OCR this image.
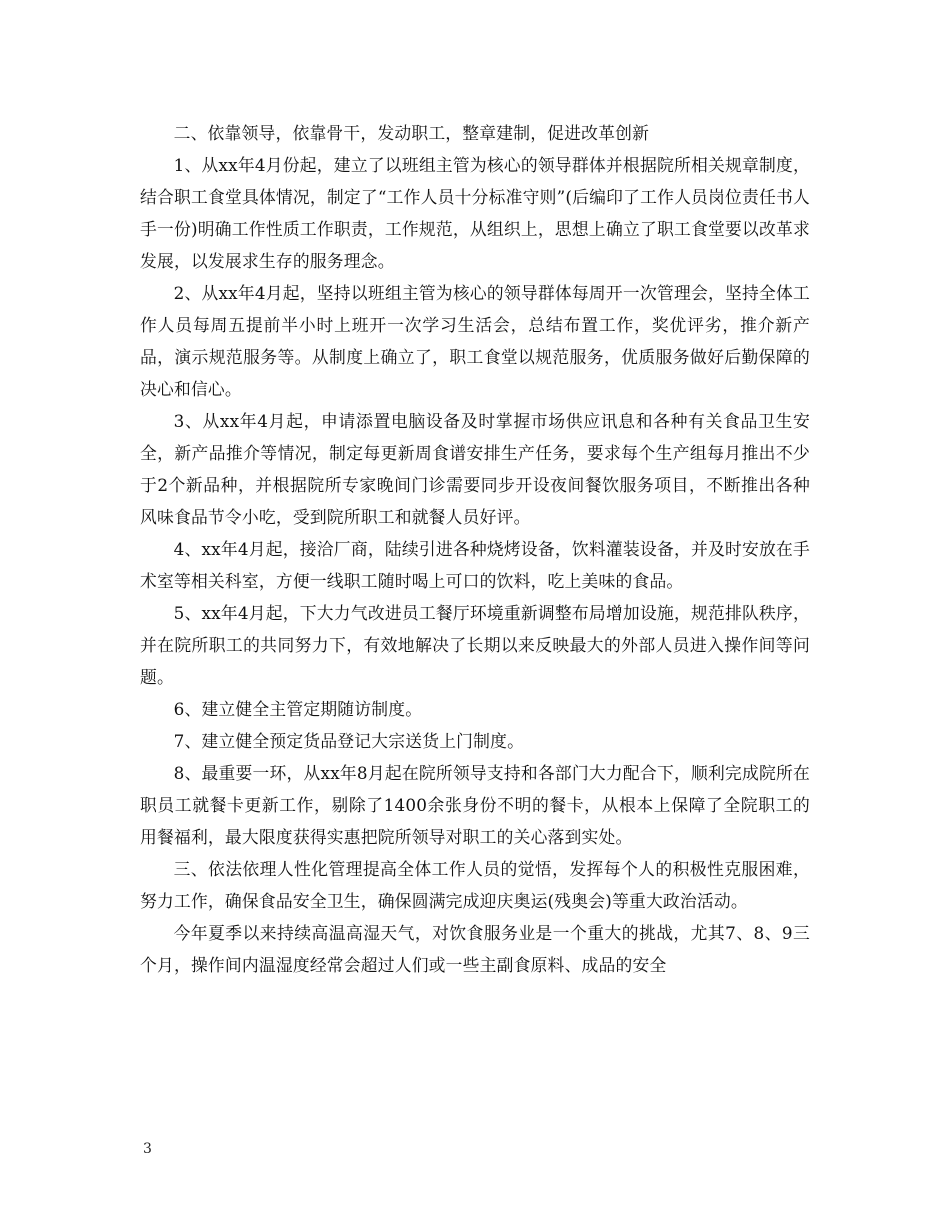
二、依靠领导，依靠骨干，发动职工，整章建制，促进改革创新

1、从xx年4月份起，建立了以班组主管为核心的领导群体并根据院所相关规章制度，结合职工食堂具体情况，制定了“工作人员十分标准守则”(后编印了工作人员岗位责任书人手一份)明确工作性质工作职责，工作规范，从组织上，思想上确立了职工食堂要以改革求发展，以发展求生存的服务理念。

2、从xx年4月起，坚持以班组主管为核心的领导群体每周开一次管理会，坚持全体工作人员每周五提前半小时上班开一次学习生活会，总结布置工作，奖优评劣，推介新产品，演示规范服务等。从制度上确立了，职工食堂以规范服务，优质服务做好后勤保障的决心和信心。

3、从xx年4月起，申请添置电脑设备及时掌握市场供应讯息和各种有关食品卫生安全，新产品推介等情况，制定每更新周食谱安排生产任务，要求每个生产组每月推出不少于2个新品种，并根据院所专家晚间门诊需要同步开设夜间餐饮服务项目，不断推出各种风味食品节令小吃，受到院所职工和就餐人员好评。

4、xx年4月起，接洽厂商，陆续引进各种烧烤设备，饮料灌装设备，并及时安放在手术室等相关科室，方便一线职工随时喝上可口的饮料，吃上美味的食品。

5、xx年4月起，下大力气改进员工餐厅环境重新调整布局增加设施，规范排队秩序，并在院所职工的共同努力下，有效地解决了长期以来反映最大的外部人员进入操作间等问题。

6、建立健全主管定期随访制度。

7、建立健全预定货品登记大宗送货上门制度。

8、最重要一环，从xx年8月起在院所领导支持和各部门大力配合下，顺利完成院所在职员工就餐卡更新工作，剔除了1400余张身份不明的餐卡，从根本上保障了全院职工的用餐福利，最大限度获得实惠把院所领导对职工的关心落到实处。

三、依法依理人性化管理提高全体工作人员的觉悟，发挥每个人的积极性克服困难，努力工作，确保食品安全卫生，确保圆满完成迎庆奥运(残奥会)等重大政治活动。

今年夏季以来持续高温高湿天气，对饮食服务业是一个重大的挑战，尤其7、8、9三个月，操作间内温湿度经常会超过人们或一些主副食原料、成品的安全

3
